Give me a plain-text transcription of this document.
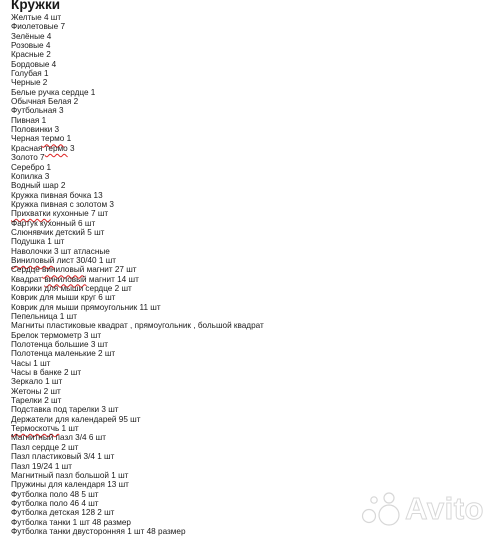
Кружки
Желтые 4 шт
Фиолетовые 7
Зелёные 4
Розовые 4
Красные 2
Бордовые 4
Голубая 1
Черные 2
Белые ручка сердце 1
Обычная Белая 2
Футбольная 3
Пивная 1
Половинки 3
Черная термо 1
Красная термо 3
Золото 7
Серебро 1
Копилка 3
Водный шар 2
Кружка пивная бочка 13
Кружка пивная с золотом 3
Прихватки кухонные 7 шт
Фартук кухонный 6 шт
Слюнявчик детский 5 шт
Подушка 1 шт
Наволочки 3 шт атласные
Виниловый лист 30/40 1 шт
Сердце виниловый магнит 27 шт
Квадрат виниловый магнит 14 шт
Коврики для мыши сердце 2 шт
Коврик для мыши круг 6 шт
Коврик для мыши прямоугольник 11 шт
Пепельница 1 шт
Магниты пластиковые квадрат , прямоугольник , большой квадрат
Брелок термометр 3 шт
Полотенца большие 3 шт
Полотенца маленькие 2 шт
Часы 1 шт
Часы в банке 2 шт
Зеркало 1 шт
Жетоны 2 шт
Тарелки 2 шт
Подставка под тарелки 3 шт
Держатели для календарей 95 шт
Термоскотчь 1 шт
Магнитный пазл 3/4 6 шт
Пазл сердце 2 шт
Пазл пластиковый 3/4 1 шт
Пазл 19/24 1 шт
Магнитный пазл большой 1 шт
Пружины для календаря 13 шт
Футболка поло 48 5 шт
Футболка поло 46 4 шт
Футболка детская 128 2 шт
Футболка танки 1 шт 48 размер
Футболка танки двусторонняя 1 шт 48 размер
Avito
